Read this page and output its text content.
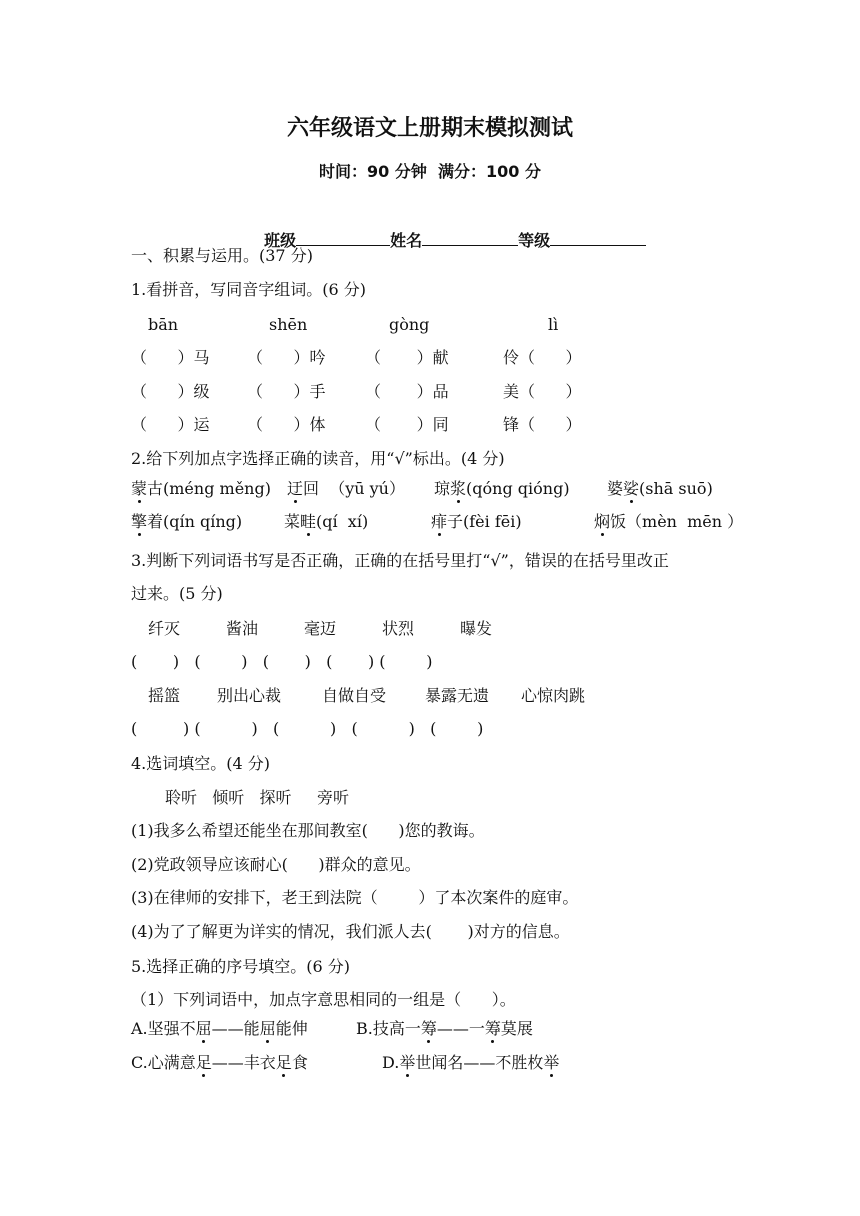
六年级语文上册期末模拟测试
时间：90 分钟  满分：100 分

班级	姓名	等级

一、积累与运用。(37 分)
1.看拼音，写同音字组词。(6 分)
bān	shēn	gòng	lì
（      ）马 （      ）吟 （       ）献	伶（      ）
（      ）级 （      ）手 （       ）品	美（      ）
（      ）运 （      ）体 （       ）同	锋（      ）
2.给下列加点字选择正确的读音，用“√”标出。(4 分)
蒙古(méng měng) 迂回  （yū yú） 琼浆(qóng qióng) 婆娑(shā suō)
擎着(qín qíng)	菜畦(qí  xí)	痱子(fèi fēi)	焖饭（mèn  mēn ）
3.判断下列词语书写是否正确，正确的在括号里打“√”，错误的在括号里改正
过来。(5 分)
纤灭	酱油	毫迈	状烈	曝发
(       )   (        )   (       )   (       ) (        )
摇篮 别出心裁	自做自受 暴露无遗 心惊肉跳
(         ) (          )   (          )   (          )   (        )
4.选词填空。(4 分)
聆听   倾听   探听     旁听
(1)我多么希望还能坐在那间教室(      )您的教诲。
(2)党政领导应该耐心(      )群众的意见。
(3)在律师的安排下，老王到法院（        ）了本次案件的庭审。
(4)为了了解更为详实的情况，我们派人去(       )对方的信息。
5.选择正确的序号填空。(6 分)
（1）下列词语中，加点字意思相同的一组是（      ）。
A.坚强不屈——能屈能伸	B.技高一筹——一筹莫展
C.心满意足——丰衣足食	D.举世闻名——不胜枚举
